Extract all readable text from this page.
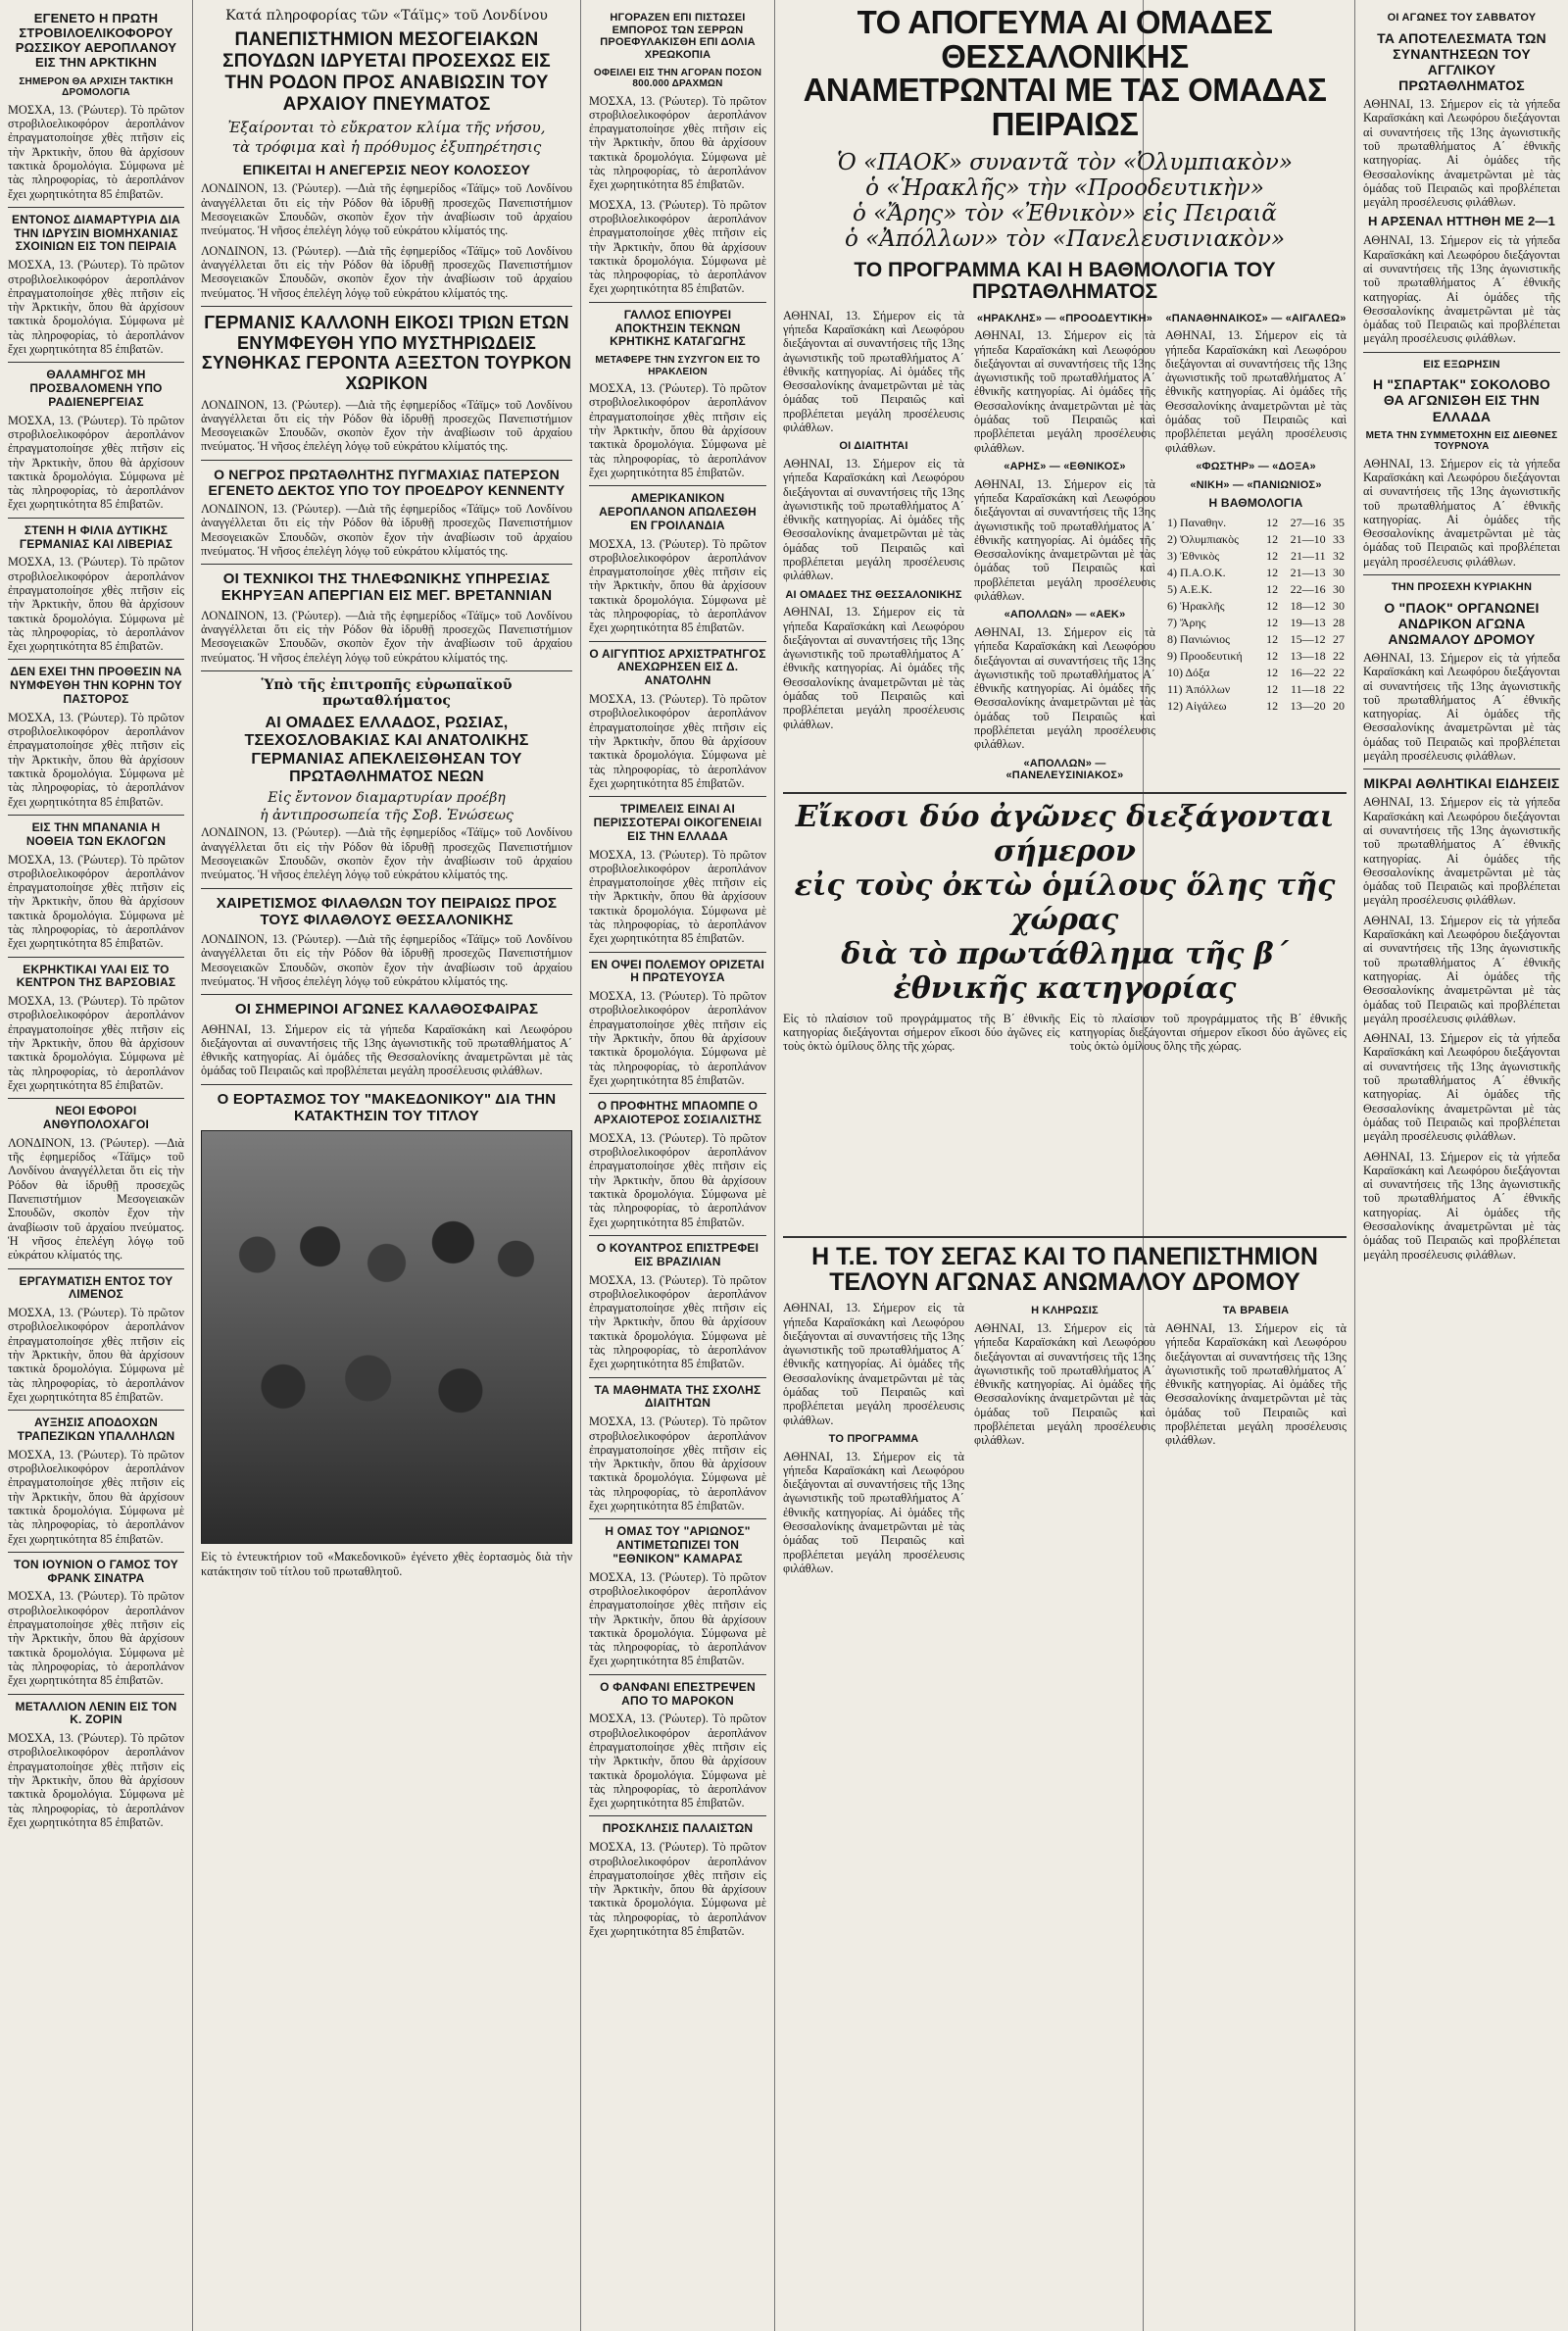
ΕΓΕΝΕΤΟ Η ΠΡΩΤΗ ΣΤΡΟΒΙΛΟΕΛΙΚΟΦΟΡΟΥ ΡΩΣΣΙΚΟΥ ΑΕΡΟΠΛΑΝΟΥ ΕΙΣ ΤΗΝ ΑΡΚΤΙΚΗΝ
ΣΗΜΕΡΟΝ ΘΑ ΑΡΧΙΣΗ ΤΑΚΤΙΚΗ ΔΡΟΜΟΛΟΓΙΑ

ΜΟΣΧΑ, 13. (Ῥώυτερ). Τὸ πρῶτον στροβιλοελικοφόρον ἀεροπλάνον ἐπραγματοποίησε χθὲς πτῆσιν εἰς τὴν Ἀρκτικὴν, ὅπου θὰ ἀρχίσουν τακτικὰ δρομολόγια. Σύμφωνα μὲ τὰς πληροφορίας, τὸ ἀεροπλάνον ἔχει χωρητικότητα 85 ἐπιβατῶν.

ΕΝΤΟΝΟΣ ΔΙΑΜΑΡΤΥΡΙΑ ΔΙΑ ΤΗΝ ΙΔΡΥΣΙΝ ΒΙΟΜΗΧΑΝΙΑΣ ΣΧΟΙΝΙΩΝ ΕΙΣ ΤΟΝ ΠΕΙΡΑΙΑ

ΜΟΣΧΑ, 13. (Ῥώυτερ). Τὸ πρῶτον στροβιλοελικοφόρον ἀεροπλάνον ἐπραγματοποίησε χθὲς πτῆσιν εἰς τὴν Ἀρκτικὴν, ὅπου θὰ ἀρχίσουν τακτικὰ δρομολόγια. Σύμφωνα μὲ τὰς πληροφορίας, τὸ ἀεροπλάνον ἔχει χωρητικότητα 85 ἐπιβατῶν.

ΘΑΛΑΜΗΓΟΣ ΜΗ ΠΡΟΣΒΑΛΟΜΕΝΗ ΥΠΟ ΡΑΔΙΕΝΕΡΓΕΙΑΣ

ΜΟΣΧΑ, 13. (Ῥώυτερ). Τὸ πρῶτον στροβιλοελικοφόρον ἀεροπλάνον ἐπραγματοποίησε χθὲς πτῆσιν εἰς τὴν Ἀρκτικὴν, ὅπου θὰ ἀρχίσουν τακτικὰ δρομολόγια. Σύμφωνα μὲ τὰς πληροφορίας, τὸ ἀεροπλάνον ἔχει χωρητικότητα 85 ἐπιβατῶν.

ΣΤΕΝΗ Η ΦΙΛΙΑ ΔΥΤΙΚΗΣ ΓΕΡΜΑΝΙΑΣ ΚΑΙ ΛΙΒΕΡΙΑΣ

ΜΟΣΧΑ, 13. (Ῥώυτερ). Τὸ πρῶτον στροβιλοελικοφόρον ἀεροπλάνον ἐπραγματοποίησε χθὲς πτῆσιν εἰς τὴν Ἀρκτικὴν, ὅπου θὰ ἀρχίσουν τακτικὰ δρομολόγια. Σύμφωνα μὲ τὰς πληροφορίας, τὸ ἀεροπλάνον ἔχει χωρητικότητα 85 ἐπιβατῶν.

ΔΕΝ ΕΧΕΙ ΤΗΝ ΠΡΟΘΕΣΙΝ ΝΑ ΝΥΜΦΕΥΘΗ ΤΗΝ ΚΟΡΗΝ ΤΟΥ ΠΑΣΤΟΡΟΣ

ΜΟΣΧΑ, 13. (Ῥώυτερ). Τὸ πρῶτον στροβιλοελικοφόρον ἀεροπλάνον ἐπραγματοποίησε χθὲς πτῆσιν εἰς τὴν Ἀρκτικὴν, ὅπου θὰ ἀρχίσουν τακτικὰ δρομολόγια. Σύμφωνα μὲ τὰς πληροφορίας, τὸ ἀεροπλάνον ἔχει χωρητικότητα 85 ἐπιβατῶν.

ΕΙΣ ΤΗΝ ΜΠΑΝΑΝΙΑ Η ΝΟΘΕΙΑ ΤΩΝ ΕΚΛΟΓΩΝ

ΜΟΣΧΑ, 13. (Ῥώυτερ). Τὸ πρῶτον στροβιλοελικοφόρον ἀεροπλάνον ἐπραγματοποίησε χθὲς πτῆσιν εἰς τὴν Ἀρκτικὴν, ὅπου θὰ ἀρχίσουν τακτικὰ δρομολόγια. Σύμφωνα μὲ τὰς πληροφορίας, τὸ ἀεροπλάνον ἔχει χωρητικότητα 85 ἐπιβατῶν.

ΕΚΡΗΚΤΙΚΑΙ ΥΛΑΙ ΕΙΣ ΤΟ ΚΕΝΤΡΟΝ ΤΗΣ ΒΑΡΣΟΒΙΑΣ

ΜΟΣΧΑ, 13. (Ῥώυτερ). Τὸ πρῶτον στροβιλοελικοφόρον ἀεροπλάνον ἐπραγματοποίησε χθὲς πτῆσιν εἰς τὴν Ἀρκτικὴν, ὅπου θὰ ἀρχίσουν τακτικὰ δρομολόγια. Σύμφωνα μὲ τὰς πληροφορίας, τὸ ἀεροπλάνον ἔχει χωρητικότητα 85 ἐπιβατῶν.

ΝΕΟΙ ΕΦΟΡΟΙ ΑΝΘΥΠΟΛΟΧΑΓΟΙ

ΛΟΝΔΙΝΟΝ, 13. (Ῥώυτερ). —Διὰ τῆς ἐφημερίδος «Τάϊμς» τοῦ Λονδίνου ἀναγγέλλεται ὅτι εἰς τὴν Ρόδον θὰ ἱδρυθῇ προσεχῶς Πανεπιστήμιον Μεσογειακῶν Σπουδῶν, σκοπὸν ἔχον τὴν ἀναβίωσιν τοῦ ἀρχαίου πνεύματος. Ἡ νῆσος ἐπελέγη λόγῳ τοῦ εὐκράτου κλίματός της.

ΕΡΓΑΥΜΑΤΙΣΗ ΕΝΤΟΣ ΤΟΥ ΛΙΜΕΝΟΣ

ΜΟΣΧΑ, 13. (Ῥώυτερ). Τὸ πρῶτον στροβιλοελικοφόρον ἀεροπλάνον ἐπραγματοποίησε χθὲς πτῆσιν εἰς τὴν Ἀρκτικὴν, ὅπου θὰ ἀρχίσουν τακτικὰ δρομολόγια. Σύμφωνα μὲ τὰς πληροφορίας, τὸ ἀεροπλάνον ἔχει χωρητικότητα 85 ἐπιβατῶν.

ΑΥΞΗΣΙΣ ΑΠΟΔΟΧΩΝ ΤΡΑΠΕΖΙΚΩΝ ΥΠΑΛΛΗΛΩΝ

ΜΟΣΧΑ, 13. (Ῥώυτερ). Τὸ πρῶτον στροβιλοελικοφόρον ἀεροπλάνον ἐπραγματοποίησε χθὲς πτῆσιν εἰς τὴν Ἀρκτικὴν, ὅπου θὰ ἀρχίσουν τακτικὰ δρομολόγια. Σύμφωνα μὲ τὰς πληροφορίας, τὸ ἀεροπλάνον ἔχει χωρητικότητα 85 ἐπιβατῶν.

ΤΟΝ ΙΟΥΝΙΟΝ Ο ΓΑΜΟΣ ΤΟΥ ΦΡΑΝΚ ΣΙΝΑΤΡΑ

ΜΟΣΧΑ, 13. (Ῥώυτερ). Τὸ πρῶτον στροβιλοελικοφόρον ἀεροπλάνον ἐπραγματοποίησε χθὲς πτῆσιν εἰς τὴν Ἀρκτικὴν, ὅπου θὰ ἀρχίσουν τακτικὰ δρομολόγια. Σύμφωνα μὲ τὰς πληροφορίας, τὸ ἀεροπλάνον ἔχει χωρητικότητα 85 ἐπιβατῶν.

ΜΕΤΑΛΛΙΟΝ ΛΕΝΙΝ ΕΙΣ ΤΟΝ Κ. ΖΟΡΙΝ

ΜΟΣΧΑ, 13. (Ῥώυτερ). Τὸ πρῶτον στροβιλοελικοφόρον ἀεροπλάνον ἐπραγματοποίησε χθὲς πτῆσιν εἰς τὴν Ἀρκτικὴν, ὅπου θὰ ἀρχίσουν τακτικὰ δρομολόγια. Σύμφωνα μὲ τὰς πληροφορίας, τὸ ἀεροπλάνον ἔχει χωρητικότητα 85 ἐπιβατῶν.

Κατά πληροφορίας τῶν «Τάϊμς» τοῦ Λονδίνου
ΠΑΝΕΠΙΣΤΗΜΙΟΝ ΜΕΣΟΓΕΙΑΚΩΝ ΣΠΟΥΔΩΝ ΙΔΡΥΕΤΑΙ ΠΡΟΣΕΧΩΣ ΕΙΣ ΤΗΝ ΡΟΔΟΝ ΠΡΟΣ ΑΝΑΒΙΩΣΙΝ ΤΟΥ ΑΡΧΑΙΟΥ ΠΝΕΥΜΑΤΟΣ
Ἐξαίρονται τὸ εὔκρατον κλίμα τῆς νήσου,
τὰ τρόφιμα καὶ ἡ πρόθυμος ἐξυπηρέτησις
ΕΠΙΚΕΙΤΑΙ Η ΑΝΕΓΕΡΣΙΣ ΝΕΟΥ ΚΟΛΟΣΣΟΥ

ΛΟΝΔΙΝΟΝ, 13. (Ῥώυτερ). —Διὰ τῆς ἐφημερίδος «Τάϊμς» τοῦ Λονδίνου ἀναγγέλλεται ὅτι εἰς τὴν Ρόδον θὰ ἱδρυθῇ προσεχῶς Πανεπιστήμιον Μεσογειακῶν Σπουδῶν, σκοπὸν ἔχον τὴν ἀναβίωσιν τοῦ ἀρχαίου πνεύματος. Ἡ νῆσος ἐπελέγη λόγῳ τοῦ εὐκράτου κλίματός της.

ΛΟΝΔΙΝΟΝ, 13. (Ῥώυτερ). —Διὰ τῆς ἐφημερίδος «Τάϊμς» τοῦ Λονδίνου ἀναγγέλλεται ὅτι εἰς τὴν Ρόδον θὰ ἱδρυθῇ προσεχῶς Πανεπιστήμιον Μεσογειακῶν Σπουδῶν, σκοπὸν ἔχον τὴν ἀναβίωσιν τοῦ ἀρχαίου πνεύματος. Ἡ νῆσος ἐπελέγη λόγῳ τοῦ εὐκράτου κλίματός της.

ΓΕΡΜΑΝΙΣ ΚΑΛΛΟΝΗ ΕΙΚΟΣΙ ΤΡΙΩΝ ΕΤΩΝ ΕΝΥΜΦΕΥΘΗ ΥΠΟ ΜΥΣΤΗΡΙΩΔΕΙΣ ΣΥΝΘΗΚΑΣ ΓΕΡΟΝΤΑ ΑΞΕΣΤΟΝ ΤΟΥΡΚΟΝ ΧΩΡΙΚΟΝ

ΛΟΝΔΙΝΟΝ, 13. (Ῥώυτερ). —Διὰ τῆς ἐφημερίδος «Τάϊμς» τοῦ Λονδίνου ἀναγγέλλεται ὅτι εἰς τὴν Ρόδον θὰ ἱδρυθῇ προσεχῶς Πανεπιστήμιον Μεσογειακῶν Σπουδῶν, σκοπὸν ἔχον τὴν ἀναβίωσιν τοῦ ἀρχαίου πνεύματος. Ἡ νῆσος ἐπελέγη λόγῳ τοῦ εὐκράτου κλίματός της.

Ο ΝΕΓΡΟΣ ΠΡΩΤΑΘΛΗΤΗΣ ΠΥΓΜΑΧΙΑΣ ΠΑΤΕΡΣΟΝ ΕΓΕΝΕΤΟ ΔΕΚΤΟΣ ΥΠΟ ΤΟΥ ΠΡΟΕΔΡΟΥ ΚΕΝΝΕΝΤΥ

ΛΟΝΔΙΝΟΝ, 13. (Ῥώυτερ). —Διὰ τῆς ἐφημερίδος «Τάϊμς» τοῦ Λονδίνου ἀναγγέλλεται ὅτι εἰς τὴν Ρόδον θὰ ἱδρυθῇ προσεχῶς Πανεπιστήμιον Μεσογειακῶν Σπουδῶν, σκοπὸν ἔχον τὴν ἀναβίωσιν τοῦ ἀρχαίου πνεύματος. Ἡ νῆσος ἐπελέγη λόγῳ τοῦ εὐκράτου κλίματός της.

ΟΙ ΤΕΧΝΙΚΟΙ ΤΗΣ ΤΗΛΕΦΩΝΙΚΗΣ ΥΠΗΡΕΣΙΑΣ ΕΚΗΡΥΞΑΝ ΑΠΕΡΓΙΑΝ ΕΙΣ ΜΕΓ. ΒΡΕΤΑΝΝΙΑΝ

ΛΟΝΔΙΝΟΝ, 13. (Ῥώυτερ). —Διὰ τῆς ἐφημερίδος «Τάϊμς» τοῦ Λονδίνου ἀναγγέλλεται ὅτι εἰς τὴν Ρόδον θὰ ἱδρυθῇ προσεχῶς Πανεπιστήμιον Μεσογειακῶν Σπουδῶν, σκοπὸν ἔχον τὴν ἀναβίωσιν τοῦ ἀρχαίου πνεύματος. Ἡ νῆσος ἐπελέγη λόγῳ τοῦ εὐκράτου κλίματός της.

Ὑπὸ τῆς ἐπιτροπῆς εὐρωπαϊκοῦ πρωταθλήματος
ΑΙ ΟΜΑΔΕΣ ΕΛΛΑΔΟΣ, ΡΩΣΙΑΣ, ΤΣΕΧΟΣΛΟΒΑΚΙΑΣ ΚΑΙ ΑΝΑΤΟΛΙΚΗΣ ΓΕΡΜΑΝΙΑΣ ΑΠΕΚΛΕΙΣΘΗΣΑΝ ΤΟΥ ΠΡΩΤΑΘΛΗΜΑΤΟΣ ΝΕΩΝ
Εἰς ἔντονον διαμαρτυρίαν προέβη
ἡ ἀντιπροσωπεία τῆς Σοβ. Ἑνώσεως

ΛΟΝΔΙΝΟΝ, 13. (Ῥώυτερ). —Διὰ τῆς ἐφημερίδος «Τάϊμς» τοῦ Λονδίνου ἀναγγέλλεται ὅτι εἰς τὴν Ρόδον θὰ ἱδρυθῇ προσεχῶς Πανεπιστήμιον Μεσογειακῶν Σπουδῶν, σκοπὸν ἔχον τὴν ἀναβίωσιν τοῦ ἀρχαίου πνεύματος. Ἡ νῆσος ἐπελέγη λόγῳ τοῦ εὐκράτου κλίματός της.

ΧΑΙΡΕΤΙΣΜΟΣ ΦΙΛΑΘΛΩΝ ΤΟΥ ΠΕΙΡΑΙΩΣ ΠΡΟΣ ΤΟΥΣ ΦΙΛΑΘΛΟΥΣ ΘΕΣΣΑΛΟΝΙΚΗΣ

ΛΟΝΔΙΝΟΝ, 13. (Ῥώυτερ). —Διὰ τῆς ἐφημερίδος «Τάϊμς» τοῦ Λονδίνου ἀναγγέλλεται ὅτι εἰς τὴν Ρόδον θὰ ἱδρυθῇ προσεχῶς Πανεπιστήμιον Μεσογειακῶν Σπουδῶν, σκοπὸν ἔχον τὴν ἀναβίωσιν τοῦ ἀρχαίου πνεύματος. Ἡ νῆσος ἐπελέγη λόγῳ τοῦ εὐκράτου κλίματός της.

ΟΙ ΣΗΜΕΡΙΝΟΙ ΑΓΩΝΕΣ ΚΑΛΑΘΟΣΦΑΙΡΑΣ

ΑΘΗΝΑΙ, 13. Σήμερον εἰς τὰ γήπεδα Καραϊσκάκη καὶ Λεωφόρου διεξάγονται αἱ συναντήσεις τῆς 13ης ἀγωνιστικῆς τοῦ πρωταθλήματος Α΄ ἐθνικῆς κατηγορίας. Αἱ ὁμάδες τῆς Θεσσαλονίκης ἀναμετρῶνται μὲ τὰς ὁμάδας τοῦ Πειραιῶς καὶ προβλέπεται μεγάλη προσέλευσις φιλάθλων.

Ο ΕΟΡΤΑΣΜΟΣ ΤΟΥ "ΜΑΚΕΔΟΝΙΚΟΥ" ΔΙΑ ΤΗΝ ΚΑΤΑΚΤΗΣΙΝ ΤΟΥ ΤΙΤΛΟΥ

Εἰς τὸ ἐντευκτήριον τοῦ «Μακεδονικοῦ» ἐγένετο χθὲς ἑορτασμὸς διὰ τὴν κατάκτησιν τοῦ τίτλου τοῦ πρωταθλητοῦ.

ΗΓΟΡΑΖΕΝ ΕΠΙ ΠΙΣΤΩΣΕΙ ΕΜΠΟΡΟΣ ΤΩΝ ΣΕΡΡΩΝ ΠΡΟΕΦΥΛΑΚΙΣΘΗ ΕΠΙ ΔΟΛΙΑ ΧΡΕΩΚΟΠΙΑ
ΟΦΕΙΛΕΙ ΕΙΣ ΤΗΝ ΑΓΟΡΑΝ ΠΟΣΟΝ 800.000 ΔΡΑΧΜΩΝ

ΜΟΣΧΑ, 13. (Ῥώυτερ). Τὸ πρῶτον στροβιλοελικοφόρον ἀεροπλάνον ἐπραγματοποίησε χθὲς πτῆσιν εἰς τὴν Ἀρκτικὴν, ὅπου θὰ ἀρχίσουν τακτικὰ δρομολόγια. Σύμφωνα μὲ τὰς πληροφορίας, τὸ ἀεροπλάνον ἔχει χωρητικότητα 85 ἐπιβατῶν.

ΜΟΣΧΑ, 13. (Ῥώυτερ). Τὸ πρῶτον στροβιλοελικοφόρον ἀεροπλάνον ἐπραγματοποίησε χθὲς πτῆσιν εἰς τὴν Ἀρκτικὴν, ὅπου θὰ ἀρχίσουν τακτικὰ δρομολόγια. Σύμφωνα μὲ τὰς πληροφορίας, τὸ ἀεροπλάνον ἔχει χωρητικότητα 85 ἐπιβατῶν.

ΓΑΛΛΟΣ ΕΠΙΟΥΡΕΙ ΑΠΟΚΤΗΣΙΝ ΤΕΚΝΩΝ ΚΡΗΤΙΚΗΣ ΚΑΤΑΓΩΓΗΣ
ΜΕΤΑΦΕΡΕ ΤΗΝ ΣΥΖΥΓΟΝ ΕΙΣ ΤΟ ΗΡΑΚΛΕΙΟΝ

ΜΟΣΧΑ, 13. (Ῥώυτερ). Τὸ πρῶτον στροβιλοελικοφόρον ἀεροπλάνον ἐπραγματοποίησε χθὲς πτῆσιν εἰς τὴν Ἀρκτικὴν, ὅπου θὰ ἀρχίσουν τακτικὰ δρομολόγια. Σύμφωνα μὲ τὰς πληροφορίας, τὸ ἀεροπλάνον ἔχει χωρητικότητα 85 ἐπιβατῶν.

ΑΜΕΡΙΚΑΝΙΚΟΝ ΑΕΡΟΠΛΑΝΟΝ ΑΠΩΛΕΣΘΗ ΕΝ ΓΡΟΙΛΑΝΔΙΑ

ΜΟΣΧΑ, 13. (Ῥώυτερ). Τὸ πρῶτον στροβιλοελικοφόρον ἀεροπλάνον ἐπραγματοποίησε χθὲς πτῆσιν εἰς τὴν Ἀρκτικὴν, ὅπου θὰ ἀρχίσουν τακτικὰ δρομολόγια. Σύμφωνα μὲ τὰς πληροφορίας, τὸ ἀεροπλάνον ἔχει χωρητικότητα 85 ἐπιβατῶν.

Ο ΑΙΓΥΠΤΙΟΣ ΑΡΧΙΣΤΡΑΤΗΓΟΣ ΑΝΕΧΩΡΗΣΕΝ ΕΙΣ Δ. ΑΝΑΤΟΛΗΝ

ΜΟΣΧΑ, 13. (Ῥώυτερ). Τὸ πρῶτον στροβιλοελικοφόρον ἀεροπλάνον ἐπραγματοποίησε χθὲς πτῆσιν εἰς τὴν Ἀρκτικὴν, ὅπου θὰ ἀρχίσουν τακτικὰ δρομολόγια. Σύμφωνα μὲ τὰς πληροφορίας, τὸ ἀεροπλάνον ἔχει χωρητικότητα 85 ἐπιβατῶν.

ΤΡΙΜΕΛΕΙΣ ΕΙΝΑΙ ΑΙ ΠΕΡΙΣΣΟΤΕΡΑΙ ΟΙΚΟΓΕΝΕΙΑΙ ΕΙΣ ΤΗΝ ΕΛΛΑΔΑ

ΜΟΣΧΑ, 13. (Ῥώυτερ). Τὸ πρῶτον στροβιλοελικοφόρον ἀεροπλάνον ἐπραγματοποίησε χθὲς πτῆσιν εἰς τὴν Ἀρκτικὴν, ὅπου θὰ ἀρχίσουν τακτικὰ δρομολόγια. Σύμφωνα μὲ τὰς πληροφορίας, τὸ ἀεροπλάνον ἔχει χωρητικότητα 85 ἐπιβατῶν.

ΕΝ ΟΨΕΙ ΠΟΛΕΜΟΥ ΟΡΙΖΕΤΑΙ Η ΠΡΩΤΕΥΟΥΣΑ

ΜΟΣΧΑ, 13. (Ῥώυτερ). Τὸ πρῶτον στροβιλοελικοφόρον ἀεροπλάνον ἐπραγματοποίησε χθὲς πτῆσιν εἰς τὴν Ἀρκτικὴν, ὅπου θὰ ἀρχίσουν τακτικὰ δρομολόγια. Σύμφωνα μὲ τὰς πληροφορίας, τὸ ἀεροπλάνον ἔχει χωρητικότητα 85 ἐπιβατῶν.

Ο ΠΡΟΦΗΤΗΣ ΜΠΑΟΜΠΕ Ο ΑΡΧΑΙΟΤΕΡΟΣ ΣΟΣΙΑΛΙΣΤΗΣ

ΜΟΣΧΑ, 13. (Ῥώυτερ). Τὸ πρῶτον στροβιλοελικοφόρον ἀεροπλάνον ἐπραγματοποίησε χθὲς πτῆσιν εἰς τὴν Ἀρκτικὴν, ὅπου θὰ ἀρχίσουν τακτικὰ δρομολόγια. Σύμφωνα μὲ τὰς πληροφορίας, τὸ ἀεροπλάνον ἔχει χωρητικότητα 85 ἐπιβατῶν.

Ο ΚΟΥΑΝΤΡΟΣ ΕΠΙΣΤΡΕΦΕΙ ΕΙΣ ΒΡΑΖΙΛΙΑΝ

ΜΟΣΧΑ, 13. (Ῥώυτερ). Τὸ πρῶτον στροβιλοελικοφόρον ἀεροπλάνον ἐπραγματοποίησε χθὲς πτῆσιν εἰς τὴν Ἀρκτικὴν, ὅπου θὰ ἀρχίσουν τακτικὰ δρομολόγια. Σύμφωνα μὲ τὰς πληροφορίας, τὸ ἀεροπλάνον ἔχει χωρητικότητα 85 ἐπιβατῶν.

ΤΑ ΜΑΘΗΜΑΤΑ ΤΗΣ ΣΧΟΛΗΣ ΔΙΑΙΤΗΤΩΝ

ΜΟΣΧΑ, 13. (Ῥώυτερ). Τὸ πρῶτον στροβιλοελικοφόρον ἀεροπλάνον ἐπραγματοποίησε χθὲς πτῆσιν εἰς τὴν Ἀρκτικὴν, ὅπου θὰ ἀρχίσουν τακτικὰ δρομολόγια. Σύμφωνα μὲ τὰς πληροφορίας, τὸ ἀεροπλάνον ἔχει χωρητικότητα 85 ἐπιβατῶν.

Η ΟΜΑΣ ΤΟΥ "ΑΡΙΩΝΟΣ" ΑΝΤΙΜΕΤΩΠΙΖΕΙ ΤΟΝ "ΕΘΝΙΚΟΝ" ΚΑΜΑΡΑΣ

ΜΟΣΧΑ, 13. (Ῥώυτερ). Τὸ πρῶτον στροβιλοελικοφόρον ἀεροπλάνον ἐπραγματοποίησε χθὲς πτῆσιν εἰς τὴν Ἀρκτικὴν, ὅπου θὰ ἀρχίσουν τακτικὰ δρομολόγια. Σύμφωνα μὲ τὰς πληροφορίας, τὸ ἀεροπλάνον ἔχει χωρητικότητα 85 ἐπιβατῶν.

Ο ΦΑΝΦΑΝΙ ΕΠΕΣΤΡΕΨΕΝ ΑΠΟ ΤΟ ΜΑΡΟΚΟΝ

ΜΟΣΧΑ, 13. (Ῥώυτερ). Τὸ πρῶτον στροβιλοελικοφόρον ἀεροπλάνον ἐπραγματοποίησε χθὲς πτῆσιν εἰς τὴν Ἀρκτικὴν, ὅπου θὰ ἀρχίσουν τακτικὰ δρομολόγια. Σύμφωνα μὲ τὰς πληροφορίας, τὸ ἀεροπλάνον ἔχει χωρητικότητα 85 ἐπιβατῶν.

ΠΡΟΣΚΛΗΣΙΣ ΠΑΛΑΙΣΤΩΝ

ΜΟΣΧΑ, 13. (Ῥώυτερ). Τὸ πρῶτον στροβιλοελικοφόρον ἀεροπλάνον ἐπραγματοποίησε χθὲς πτῆσιν εἰς τὴν Ἀρκτικὴν, ὅπου θὰ ἀρχίσουν τακτικὰ δρομολόγια. Σύμφωνα μὲ τὰς πληροφορίας, τὸ ἀεροπλάνον ἔχει χωρητικότητα 85 ἐπιβατῶν.

ΤΟ ΑΠΟΓΕΥΜΑ ΑΙ ΟΜΑΔΕΣ ΘΕΣΣΑΛΟΝΙΚΗΣ
ΑΝΑΜΕΤΡΩΝΤΑΙ ΜΕ ΤΑΣ ΟΜΑΔΑΣ ΠΕΙΡΑΙΩΣ
Ὁ «ΠΑΟΚ» συναντᾶ τὸν «Ὀλυμπιακὸν»
ὁ «Ἡρακλῆς» τὴν «Προοδευτικὴν»
ὁ «Ἄρης» τὸν «Ἐθνικὸν» εἰς Πειραιᾶ
ὁ «Ἀπόλλων» τὸν «Πανελευσινιακὸν»
ΤΟ ΠΡΟΓΡΑΜΜΑ ΚΑΙ Η ΒΑΘΜΟΛΟΓΙΑ ΤΟΥ ΠΡΩΤΑΘΛΗΜΑΤΟΣ

ΑΘΗΝΑΙ, 13. Σήμερον εἰς τὰ γήπεδα Καραϊσκάκη καὶ Λεωφόρου διεξάγονται αἱ συναντήσεις τῆς 13ης ἀγωνιστικῆς τοῦ πρωταθλήματος Α΄ ἐθνικῆς κατηγορίας. Αἱ ὁμάδες τῆς Θεσσαλονίκης ἀναμετρῶνται μὲ τὰς ὁμάδας τοῦ Πειραιῶς καὶ προβλέπεται μεγάλη προσέλευσις φιλάθλων.

ΟΙ ΔΙΑΙΤΗΤΑΙ

ΑΘΗΝΑΙ, 13. Σήμερον εἰς τὰ γήπεδα Καραϊσκάκη καὶ Λεωφόρου διεξάγονται αἱ συναντήσεις τῆς 13ης ἀγωνιστικῆς τοῦ πρωταθλήματος Α΄ ἐθνικῆς κατηγορίας. Αἱ ὁμάδες τῆς Θεσσαλονίκης ἀναμετρῶνται μὲ τὰς ὁμάδας τοῦ Πειραιῶς καὶ προβλέπεται μεγάλη προσέλευσις φιλάθλων.

ΑΙ ΟΜΑΔΕΣ ΤΗΣ ΘΕΣΣΑΛΟΝΙΚΗΣ

ΑΘΗΝΑΙ, 13. Σήμερον εἰς τὰ γήπεδα Καραϊσκάκη καὶ Λεωφόρου διεξάγονται αἱ συναντήσεις τῆς 13ης ἀγωνιστικῆς τοῦ πρωταθλήματος Α΄ ἐθνικῆς κατηγορίας. Αἱ ὁμάδες τῆς Θεσσαλονίκης ἀναμετρῶνται μὲ τὰς ὁμάδας τοῦ Πειραιῶς καὶ προβλέπεται μεγάλη προσέλευσις φιλάθλων.

«ΗΡΑΚΛΗΣ» — «ΠΡΟΟΔΕΥΤΙΚΗ»

ΑΘΗΝΑΙ, 13. Σήμερον εἰς τὰ γήπεδα Καραϊσκάκη καὶ Λεωφόρου διεξάγονται αἱ συναντήσεις τῆς 13ης ἀγωνιστικῆς τοῦ πρωταθλήματος Α΄ ἐθνικῆς κατηγορίας. Αἱ ὁμάδες τῆς Θεσσαλονίκης ἀναμετρῶνται μὲ τὰς ὁμάδας τοῦ Πειραιῶς καὶ προβλέπεται μεγάλη προσέλευσις φιλάθλων.

«ΑΡΗΣ» — «ΕΘΝΙΚΟΣ»

ΑΘΗΝΑΙ, 13. Σήμερον εἰς τὰ γήπεδα Καραϊσκάκη καὶ Λεωφόρου διεξάγονται αἱ συναντήσεις τῆς 13ης ἀγωνιστικῆς τοῦ πρωταθλήματος Α΄ ἐθνικῆς κατηγορίας. Αἱ ὁμάδες τῆς Θεσσαλονίκης ἀναμετρῶνται μὲ τὰς ὁμάδας τοῦ Πειραιῶς καὶ προβλέπεται μεγάλη προσέλευσις φιλάθλων.

«ΑΠΟΛΛΩΝ» — «ΑΕΚ»

ΑΘΗΝΑΙ, 13. Σήμερον εἰς τὰ γήπεδα Καραϊσκάκη καὶ Λεωφόρου διεξάγονται αἱ συναντήσεις τῆς 13ης ἀγωνιστικῆς τοῦ πρωταθλήματος Α΄ ἐθνικῆς κατηγορίας. Αἱ ὁμάδες τῆς Θεσσαλονίκης ἀναμετρῶνται μὲ τὰς ὁμάδας τοῦ Πειραιῶς καὶ προβλέπεται μεγάλη προσέλευσις φιλάθλων.

«ΑΠΟΛΛΩΝ» — «ΠΑΝΕΛΕΥΣΙΝΙΑΚΟΣ»
«ΠΑΝΑΘΗΝΑΙΚΟΣ» — «ΑΙΓΑΛΕΩ»

ΑΘΗΝΑΙ, 13. Σήμερον εἰς τὰ γήπεδα Καραϊσκάκη καὶ Λεωφόρου διεξάγονται αἱ συναντήσεις τῆς 13ης ἀγωνιστικῆς τοῦ πρωταθλήματος Α΄ ἐθνικῆς κατηγορίας. Αἱ ὁμάδες τῆς Θεσσαλονίκης ἀναμετρῶνται μὲ τὰς ὁμάδας τοῦ Πειραιῶς καὶ προβλέπεται μεγάλη προσέλευσις φιλάθλων.

«ΦΩΣΤΗΡ» — «ΔΟΞΑ»
«ΝΙΚΗ» — «ΠΑΝΙΩΝΙΟΣ»
Η ΒΑΘΜΟΛΟΓΙΑ
1) Παναθην.	12	27—16	35
2) Ὀλυμπιακὸς	12	21—10	33
3) Ἐθνικὸς	12	21—11	32
4) Π.Α.Ο.Κ.	12	21—13	30
5) Α.Ε.Κ.	12	22—16	30
6) Ἡρακλῆς	12	18—12	30
7) Ἄρης	12	19—13	28
8) Πανιώνιος	12	15—12	27
9) Προοδευτική	12	13—18	22
10) Δόξα	12	16—22	22
11) Ἀπόλλων	12	11—18	22
12) Αἰγάλεω	12	13—20	20
Εἴκοσι δύο ἀγῶνες διεξάγονται σήμερον
εἰς τοὺς ὀκτὼ ὁμίλους ὅλης τῆς χώρας
διὰ τὸ πρωτάθλημα τῆς β΄ ἐθνικῆς κατηγορίας

Εἰς τὸ πλαίσιον τοῦ προγράμματος τῆς Β΄ ἐθνικῆς κατηγορίας διεξάγονται σήμερον εἴκοσι δύο ἀγῶνες εἰς τοὺς ὀκτὼ ὁμίλους ὅλης τῆς χώρας.

Εἰς τὸ πλαίσιον τοῦ προγράμματος τῆς Β΄ ἐθνικῆς κατηγορίας διεξάγονται σήμερον εἴκοσι δύο ἀγῶνες εἰς τοὺς ὀκτὼ ὁμίλους ὅλης τῆς χώρας.

Η Τ.Ε. ΤΟΥ ΣΕΓΑΣ ΚΑΙ ΤΟ ΠΑΝΕΠΙΣΤΗΜΙΟΝ ΤΕΛΟΥΝ ΑΓΩΝΑΣ ΑΝΩΜΑΛΟΥ ΔΡΟΜΟΥ

ΑΘΗΝΑΙ, 13. Σήμερον εἰς τὰ γήπεδα Καραϊσκάκη καὶ Λεωφόρου διεξάγονται αἱ συναντήσεις τῆς 13ης ἀγωνιστικῆς τοῦ πρωταθλήματος Α΄ ἐθνικῆς κατηγορίας. Αἱ ὁμάδες τῆς Θεσσαλονίκης ἀναμετρῶνται μὲ τὰς ὁμάδας τοῦ Πειραιῶς καὶ προβλέπεται μεγάλη προσέλευσις φιλάθλων.

ΤΟ ΠΡΟΓΡΑΜΜΑ

ΑΘΗΝΑΙ, 13. Σήμερον εἰς τὰ γήπεδα Καραϊσκάκη καὶ Λεωφόρου διεξάγονται αἱ συναντήσεις τῆς 13ης ἀγωνιστικῆς τοῦ πρωταθλήματος Α΄ ἐθνικῆς κατηγορίας. Αἱ ὁμάδες τῆς Θεσσαλονίκης ἀναμετρῶνται μὲ τὰς ὁμάδας τοῦ Πειραιῶς καὶ προβλέπεται μεγάλη προσέλευσις φιλάθλων.

Η ΚΛΗΡΩΣΙΣ

ΑΘΗΝΑΙ, 13. Σήμερον εἰς τὰ γήπεδα Καραϊσκάκη καὶ Λεωφόρου διεξάγονται αἱ συναντήσεις τῆς 13ης ἀγωνιστικῆς τοῦ πρωταθλήματος Α΄ ἐθνικῆς κατηγορίας. Αἱ ὁμάδες τῆς Θεσσαλονίκης ἀναμετρῶνται μὲ τὰς ὁμάδας τοῦ Πειραιῶς καὶ προβλέπεται μεγάλη προσέλευσις φιλάθλων.

ΤΑ ΒΡΑΒΕΙΑ

ΑΘΗΝΑΙ, 13. Σήμερον εἰς τὰ γήπεδα Καραϊσκάκη καὶ Λεωφόρου διεξάγονται αἱ συναντήσεις τῆς 13ης ἀγωνιστικῆς τοῦ πρωταθλήματος Α΄ ἐθνικῆς κατηγορίας. Αἱ ὁμάδες τῆς Θεσσαλονίκης ἀναμετρῶνται μὲ τὰς ὁμάδας τοῦ Πειραιῶς καὶ προβλέπεται μεγάλη προσέλευσις φιλάθλων.

ΟΙ ΑΓΩΝΕΣ ΤΟΥ ΣΑΒΒΑΤΟΥ
ΤΑ ΑΠΟΤΕΛΕΣΜΑΤΑ ΤΩΝ ΣΥΝΑΝΤΗΣΕΩΝ ΤΟΥ ΑΓΓΛΙΚΟΥ ΠΡΩΤΑΘΛΗΜΑΤΟΣ

ΑΘΗΝΑΙ, 13. Σήμερον εἰς τὰ γήπεδα Καραϊσκάκη καὶ Λεωφόρου διεξάγονται αἱ συναντήσεις τῆς 13ης ἀγωνιστικῆς τοῦ πρωταθλήματος Α΄ ἐθνικῆς κατηγορίας. Αἱ ὁμάδες τῆς Θεσσαλονίκης ἀναμετρῶνται μὲ τὰς ὁμάδας τοῦ Πειραιῶς καὶ προβλέπεται μεγάλη προσέλευσις φιλάθλων.

Η ΑΡΣΕΝΑΛ ΗΤΤΗΘΗ ΜΕ 2—1

ΑΘΗΝΑΙ, 13. Σήμερον εἰς τὰ γήπεδα Καραϊσκάκη καὶ Λεωφόρου διεξάγονται αἱ συναντήσεις τῆς 13ης ἀγωνιστικῆς τοῦ πρωταθλήματος Α΄ ἐθνικῆς κατηγορίας. Αἱ ὁμάδες τῆς Θεσσαλονίκης ἀναμετρῶνται μὲ τὰς ὁμάδας τοῦ Πειραιῶς καὶ προβλέπεται μεγάλη προσέλευσις φιλάθλων.

ΕΙΣ ΕΞΩΡΗΣΙΝ
Η "ΣΠΑΡΤΑΚ" ΣΟΚΟΛΟΒΟ ΘΑ ΑΓΩΝΙΣΘΗ ΕΙΣ ΤΗΝ ΕΛΛΑΔΑ
ΜΕΤΑ ΤΗΝ ΣΥΜΜΕΤΟΧΗΝ ΕΙΣ ΔΙΕΘΝΕΣ ΤΟΥΡΝΟΥΑ

ΑΘΗΝΑΙ, 13. Σήμερον εἰς τὰ γήπεδα Καραϊσκάκη καὶ Λεωφόρου διεξάγονται αἱ συναντήσεις τῆς 13ης ἀγωνιστικῆς τοῦ πρωταθλήματος Α΄ ἐθνικῆς κατηγορίας. Αἱ ὁμάδες τῆς Θεσσαλονίκης ἀναμετρῶνται μὲ τὰς ὁμάδας τοῦ Πειραιῶς καὶ προβλέπεται μεγάλη προσέλευσις φιλάθλων.

ΤΗΝ ΠΡΟΣΕΧΗ ΚΥΡΙΑΚΗΝ
Ο "ΠΑΟΚ" ΟΡΓΑΝΩΝΕΙ ΑΝΔΡΙΚΟΝ ΑΓΩΝΑ ΑΝΩΜΑΛΟΥ ΔΡΟΜΟΥ

ΑΘΗΝΑΙ, 13. Σήμερον εἰς τὰ γήπεδα Καραϊσκάκη καὶ Λεωφόρου διεξάγονται αἱ συναντήσεις τῆς 13ης ἀγωνιστικῆς τοῦ πρωταθλήματος Α΄ ἐθνικῆς κατηγορίας. Αἱ ὁμάδες τῆς Θεσσαλονίκης ἀναμετρῶνται μὲ τὰς ὁμάδας τοῦ Πειραιῶς καὶ προβλέπεται μεγάλη προσέλευσις φιλάθλων.

ΜΙΚΡΑΙ ΑΘΛΗΤΙΚΑΙ ΕΙΔΗΣΕΙΣ

ΑΘΗΝΑΙ, 13. Σήμερον εἰς τὰ γήπεδα Καραϊσκάκη καὶ Λεωφόρου διεξάγονται αἱ συναντήσεις τῆς 13ης ἀγωνιστικῆς τοῦ πρωταθλήματος Α΄ ἐθνικῆς κατηγορίας. Αἱ ὁμάδες τῆς Θεσσαλονίκης ἀναμετρῶνται μὲ τὰς ὁμάδας τοῦ Πειραιῶς καὶ προβλέπεται μεγάλη προσέλευσις φιλάθλων.

ΑΘΗΝΑΙ, 13. Σήμερον εἰς τὰ γήπεδα Καραϊσκάκη καὶ Λεωφόρου διεξάγονται αἱ συναντήσεις τῆς 13ης ἀγωνιστικῆς τοῦ πρωταθλήματος Α΄ ἐθνικῆς κατηγορίας. Αἱ ὁμάδες τῆς Θεσσαλονίκης ἀναμετρῶνται μὲ τὰς ὁμάδας τοῦ Πειραιῶς καὶ προβλέπεται μεγάλη προσέλευσις φιλάθλων.

ΑΘΗΝΑΙ, 13. Σήμερον εἰς τὰ γήπεδα Καραϊσκάκη καὶ Λεωφόρου διεξάγονται αἱ συναντήσεις τῆς 13ης ἀγωνιστικῆς τοῦ πρωταθλήματος Α΄ ἐθνικῆς κατηγορίας. Αἱ ὁμάδες τῆς Θεσσαλονίκης ἀναμετρῶνται μὲ τὰς ὁμάδας τοῦ Πειραιῶς καὶ προβλέπεται μεγάλη προσέλευσις φιλάθλων.

ΑΘΗΝΑΙ, 13. Σήμερον εἰς τὰ γήπεδα Καραϊσκάκη καὶ Λεωφόρου διεξάγονται αἱ συναντήσεις τῆς 13ης ἀγωνιστικῆς τοῦ πρωταθλήματος Α΄ ἐθνικῆς κατηγορίας. Αἱ ὁμάδες τῆς Θεσσαλονίκης ἀναμετρῶνται μὲ τὰς ὁμάδας τοῦ Πειραιῶς καὶ προβλέπεται μεγάλη προσέλευσις φιλάθλων.
